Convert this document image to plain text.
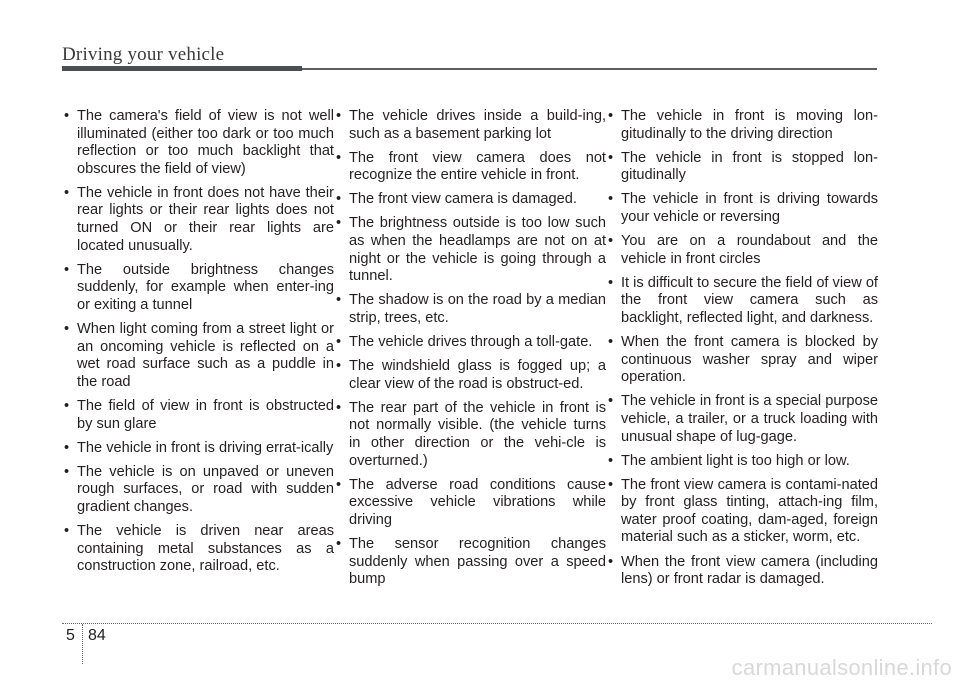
Driving your vehicle
• The camera's field of view is not well illuminated (either too dark or too much reflection or too much backlight that obscures the field of view)
• The vehicle in front does not have their rear lights or their rear lights does not turned ON or their rear lights are located unusually.
• The outside brightness changes suddenly, for example when enter-ing or exiting a tunnel
• When light coming from a street light or an oncoming vehicle is reflected on a wet road surface such as a puddle in the road
• The field of view in front is obstructed by sun glare
• The vehicle in front is driving errat-ically
• The vehicle is on unpaved or uneven rough surfaces, or road with sudden gradient changes.
• The vehicle is driven near areas containing metal substances as a construction zone, railroad, etc.
• The vehicle drives inside a build-ing, such as a basement parking lot
• The front view camera does not recognize the entire vehicle in front.
• The front view camera is damaged.
• The brightness outside is too low such as when the headlamps are not on at night or the vehicle is going through a tunnel.
• The shadow is on the road by a median strip, trees, etc.
• The vehicle drives through a toll-gate.
• The windshield glass is fogged up; a clear view of the road is obstruct-ed.
• The rear part of the vehicle in front is not normally visible. (the vehicle turns in other direction or the vehi-cle is overturned.)
• The adverse road conditions cause excessive vehicle vibrations while driving
• The sensor recognition changes suddenly when passing over a speed bump
• The vehicle in front is moving lon-gitudinally to the driving direction
• The vehicle in front is stopped lon-gitudinally
• The vehicle in front is driving towards your vehicle or reversing
• You are on a roundabout and the vehicle in front circles
• It is difficult to secure the field of view of the front view camera such as backlight, reflected light, and darkness.
• When the front camera is blocked by continuous washer spray and wiper operation.
• The vehicle in front is a special purpose vehicle, a trailer, or a truck loading with unusual shape of lug-gage.
• The ambient light is too high or low.
• The front view camera is contami-nated by front glass tinting, attach-ing film, water proof coating, dam-aged, foreign material such as a sticker, worm, etc.
• When the front view camera (including lens) or front radar is damaged.
5 84
carmanualsonline.info
